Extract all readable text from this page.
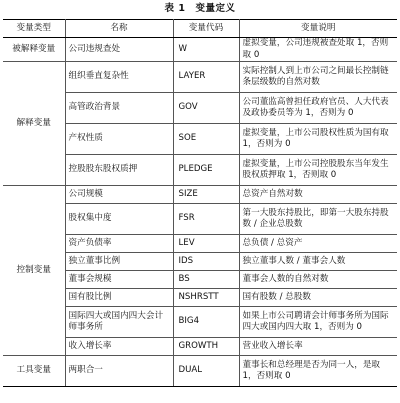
表 1　变量定义
变量类型	名称	变量代码	变量说明
被解释变量	公司违规查处	W	虚拟变量，公司违规被查处取 1，否则取 0
解释变量	组织垂直复杂性	LAYER	实际控制人到上市公司之间最长控制链条层级数的自然对数
	高管政治背景	GOV	公司董监高曾担任政府官员、人大代表及政协委员等为 1，否则为 0
	产权性质	SOE	虚拟变量，上市公司股权性质为国有取 1，否则为 0
	控股股东股权质押	PLEDGE	虚拟变量，上市公司控股股东当年发生股权质押取 1，否则取 0
控制变量	公司规模	SIZE	总资产自然对数
	股权集中度	FSR	第一大股东持股比，即第一大股东持股数 / 企业总股数
	资产负债率	LEV	总负债 / 总资产
	独立董事比例	IDS	独立董事人数 / 董事会人数
	董事会规模	BS	董事会人数的自然对数
	国有股比例	NSHRSTT	国有股数 / 总股数
	国际四大或国内四大会计师事务所	BIG4	如果上市公司聘请会计师事务所为国际四大或国内四大取 1，否则为 0
	收入增长率	GROWTH	营业收入增长率
工具变量	两职合一	DUAL	董事长和总经理是否为同一人，是取 1，否则取 0
